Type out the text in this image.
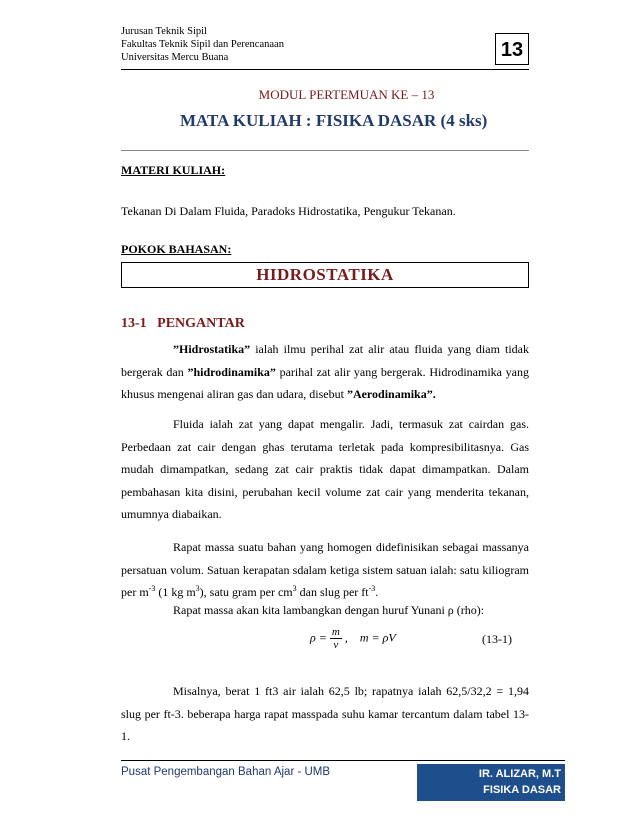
Jurusan Teknik Sipil
Fakultas Teknik Sipil dan Perencanaan
Universitas Mercu Buana	13
MODUL PERTEMUAN KE – 13
MATA KULIAH : FISIKA DASAR (4 sks)
MATERI KULIAH:
Tekanan Di Dalam Fluida, Paradoks Hidrostatika, Pengukur Tekanan.
POKOK BAHASAN:
HIDROSTATIKA
13-1 PENGANTAR

”Hidrostatika” ialah ilmu perihal zat alir atau fluida yang diam tidak bergerak dan ”hidrodinamika” parihal zat alir yang bergerak. Hidrodinamika yang khusus mengenai aliran gas dan udara, disebut ”Aerodinamika”.

Fluida ialah zat yang dapat mengalir. Jadi, termasuk zat cairdan gas. Perbedaan zat cair dengan ghas terutama terletak pada kompresibilitasnya. Gas mudah dimampatkan, sedang zat cair praktis tidak dapat dimampatkan. Dalam pembahasan kita disini, perubahan kecil volume zat cair yang menderita tekanan, umumnya diabaikan.

Rapat massa suatu bahan yang homogen didefinisikan sebagai massanya persatuan volum. Satuan kerapatan sdalam ketiga sistem satuan ialah: satu kiliogram per $m^{-3}$ (1 kg $m^3$), satu gram per $cm^3$ dan slug per $ft^{-3}$.

Rapat massa akan kita lambangkan dengan huruf Yunani ρ (rho):

$\rho = \frac{m}{v}$ ,    m = ρV	(13-1)

Misalnya, berat 1 ft3 air ialah 62,5 lb; rapatnya ialah 62,5/32,2 = 1,94 slug per ft-3. beberapa harga rapat masspada suhu kamar tercantum dalam tabel 13-1.

Pusat Pengembangan Bahan Ajar - UMB	IR. ALIZAR, M.T
FISIKA DASAR
